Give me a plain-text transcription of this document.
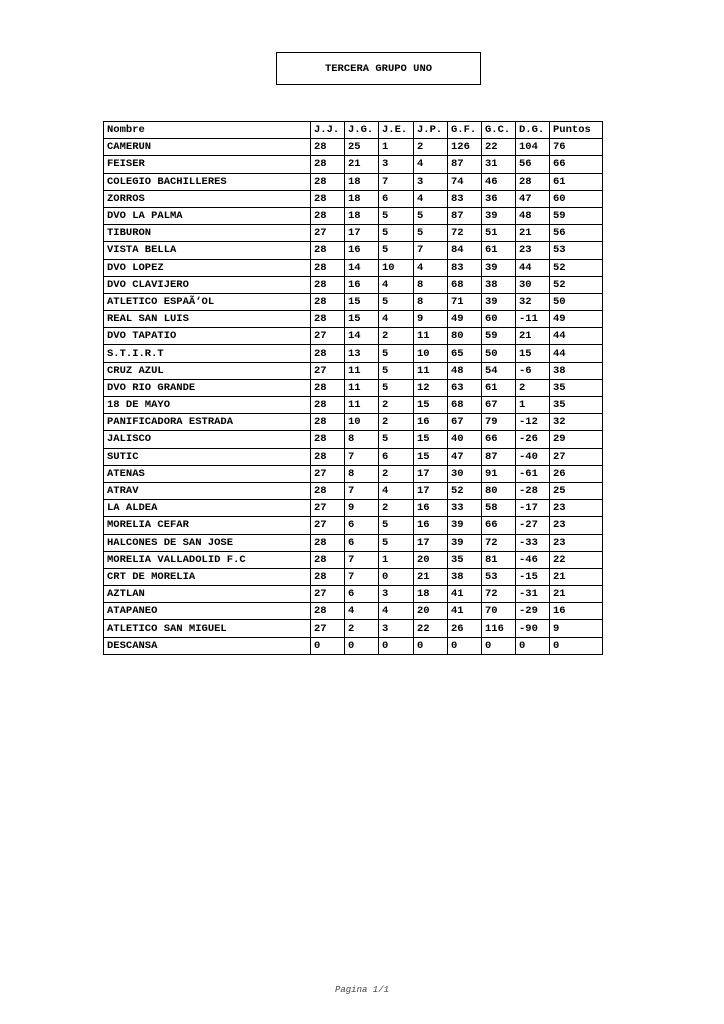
TERCERA GRUPO UNO
Nombre	J.J.	J.G.	J.E.	J.P.	G.F.	G.C.	D.G.	Puntos
CAMERUN	28	25	1	2	126	22	104	76
FEISER	28	21	3	4	87	31	56	66
COLEGIO BACHILLERES	28	18	7	3	74	46	28	61
ZORROS	28	18	6	4	83	36	47	60
DVO LA PALMA	28	18	5	5	87	39	48	59
TIBURON	27	17	5	5	72	51	21	56
VISTA BELLA	28	16	5	7	84	61	23	53
DVO LOPEZ	28	14	10	4	83	39	44	52
DVO CLAVIJERO	28	16	4	8	68	38	30	52
ATLETICO ESPAÃ‘OL	28	15	5	8	71	39	32	50
REAL SAN LUIS	28	15	4	9	49	60	-11	49
DVO TAPATIO	27	14	2	11	80	59	21	44
S.T.I.R.T	28	13	5	10	65	50	15	44
CRUZ AZUL	27	11	5	11	48	54	-6	38
DVO RIO GRANDE	28	11	5	12	63	61	2	35
18 DE MAYO	28	11	2	15	68	67	1	35
PANIFICADORA ESTRADA	28	10	2	16	67	79	-12	32
JALISCO	28	8	5	15	40	66	-26	29
SUTIC	28	7	6	15	47	87	-40	27
ATENAS	27	8	2	17	30	91	-61	26
ATRAV	28	7	4	17	52	80	-28	25
LA ALDEA	27	9	2	16	33	58	-17	23
MORELIA CEFAR	27	6	5	16	39	66	-27	23
HALCONES DE SAN JOSE	28	6	5	17	39	72	-33	23
MORELIA VALLADOLID F.C	28	7	1	20	35	81	-46	22
CRT DE MORELIA	28	7	0	21	38	53	-15	21
AZTLAN	27	6	3	18	41	72	-31	21
ATAPANEO	28	4	4	20	41	70	-29	16
ATLETICO SAN MIGUEL	27	2	3	22	26	116	-90	9
DESCANSA	0	0	0	0	0	0	0	0
Pagina 1/1
